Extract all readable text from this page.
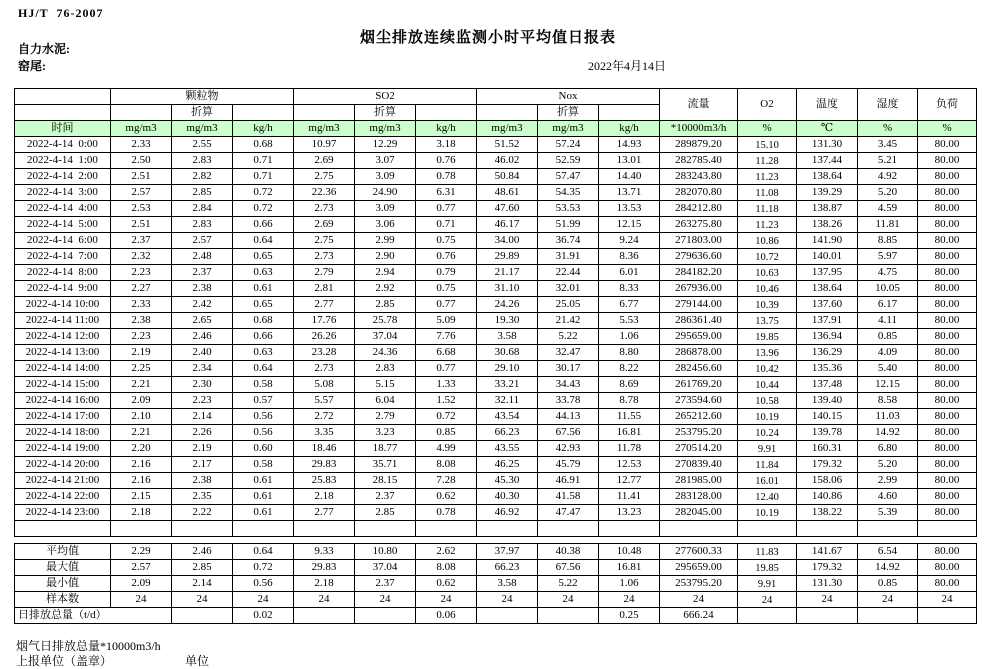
HJ/T  76-2007
烟尘排放连续监测小时平均值日报表
自力水泥:
窑尾:	2022年4月14日
	颗粒物			SO2			Nox			流量	O2	温度	湿度	负荷
		折算			折算			折算						
时间	mg/m3	mg/m3	kg/h	mg/m3	mg/m3	kg/h	mg/m3	mg/m3	kg/h	*10000m3/h	%	℃	%	%
2022-4-14  0:00	2.33	2.55	0.68	10.97	12.29	3.18	51.52	57.24	14.93	289879.20	15.10	131.30	3.45	80.00
2022-4-14  1:00	2.50	2.83	0.71	2.69	3.07	0.76	46.02	52.59	13.01	282785.40	11.28	137.44	5.21	80.00
2022-4-14  2:00	2.51	2.82	0.71	2.75	3.09	0.78	50.84	57.47	14.40	283243.80	11.23	138.64	4.92	80.00
2022-4-14  3:00	2.57	2.85	0.72	22.36	24.90	6.31	48.61	54.35	13.71	282070.80	11.08	139.29	5.20	80.00
2022-4-14  4:00	2.53	2.84	0.72	2.73	3.09	0.77	47.60	53.53	13.53	284212.80	11.18	138.87	4.59	80.00
2022-4-14  5:00	2.51	2.83	0.66	2.69	3.06	0.71	46.17	51.99	12.15	263275.80	11.23	138.26	11.81	80.00
2022-4-14  6:00	2.37	2.57	0.64	2.75	2.99	0.75	34.00	36.74	9.24	271803.00	10.86	141.90	8.85	80.00
2022-4-14  7:00	2.32	2.48	0.65	2.73	2.90	0.76	29.89	31.91	8.36	279636.60	10.72	140.01	5.97	80.00
2022-4-14  8:00	2.23	2.37	0.63	2.79	2.94	0.79	21.17	22.44	6.01	284182.20	10.63	137.95	4.75	80.00
2022-4-14  9:00	2.27	2.38	0.61	2.81	2.92	0.75	31.10	32.01	8.33	267936.00	10.46	138.64	10.05	80.00
2022-4-14 10:00	2.33	2.42	0.65	2.77	2.85	0.77	24.26	25.05	6.77	279144.00	10.39	137.60	6.17	80.00
2022-4-14 11:00	2.38	2.65	0.68	17.76	25.78	5.09	19.30	21.42	5.53	286361.40	13.75	137.91	4.11	80.00
2022-4-14 12:00	2.23	2.46	0.66	26.26	37.04	7.76	3.58	5.22	1.06	295659.00	19.85	136.94	0.85	80.00
2022-4-14 13:00	2.19	2.40	0.63	23.28	24.36	6.68	30.68	32.47	8.80	286878.00	13.96	136.29	4.09	80.00
2022-4-14 14:00	2.25	2.34	0.64	2.73	2.83	0.77	29.10	30.17	8.22	282456.60	10.42	135.36	5.40	80.00
2022-4-14 15:00	2.21	2.30	0.58	5.08	5.15	1.33	33.21	34.43	8.69	261769.20	10.44	137.48	12.15	80.00
2022-4-14 16:00	2.09	2.23	0.57	5.57	6.04	1.52	32.11	33.78	8.78	273594.60	10.58	139.40	8.58	80.00
2022-4-14 17:00	2.10	2.14	0.56	2.72	2.79	0.72	43.54	44.13	11.55	265212.60	10.19	140.15	11.03	80.00
2022-4-14 18:00	2.21	2.26	0.56	3.35	3.23	0.85	66.23	67.56	16.81	253795.20	10.24	139.78	14.92	80.00
2022-4-14 19:00	2.20	2.19	0.60	18.46	18.77	4.99	43.55	42.93	11.78	270514.20	9.91	160.31	6.80	80.00
2022-4-14 20:00	2.16	2.17	0.58	29.83	35.71	8.08	46.25	45.79	12.53	270839.40	11.84	179.32	5.20	80.00
2022-4-14 21:00	2.16	2.38	0.61	25.83	28.15	7.28	45.30	46.91	12.77	281985.00	16.01	158.06	2.99	80.00
2022-4-14 22:00	2.15	2.35	0.61	2.18	2.37	0.62	40.30	41.58	11.41	283128.00	12.40	140.86	4.60	80.00
2022-4-14 23:00	2.18	2.22	0.61	2.77	2.85	0.78	46.92	47.47	13.23	282045.00	10.19	138.22	5.39	80.00

平均值	2.29	2.46	0.64	9.33	10.80	2.62	37.97	40.38	10.48	277600.33	11.83	141.67	6.54	80.00
最大值	2.57	2.85	0.72	29.83	37.04	8.08	66.23	67.56	16.81	295659.00	19.85	179.32	14.92	80.00
最小值	2.09	2.14	0.56	2.18	2.37	0.62	3.58	5.22	1.06	253795.20	9.91	131.30	0.85	80.00
样本数	24	24	24	24	24	24	24	24	24	24	24	24	24	24
日排放总量（t/d）			0.02			0.06			0.25	666.24				
烟气日排放总量*10000m3/h
上报单位（盖章）	单位
